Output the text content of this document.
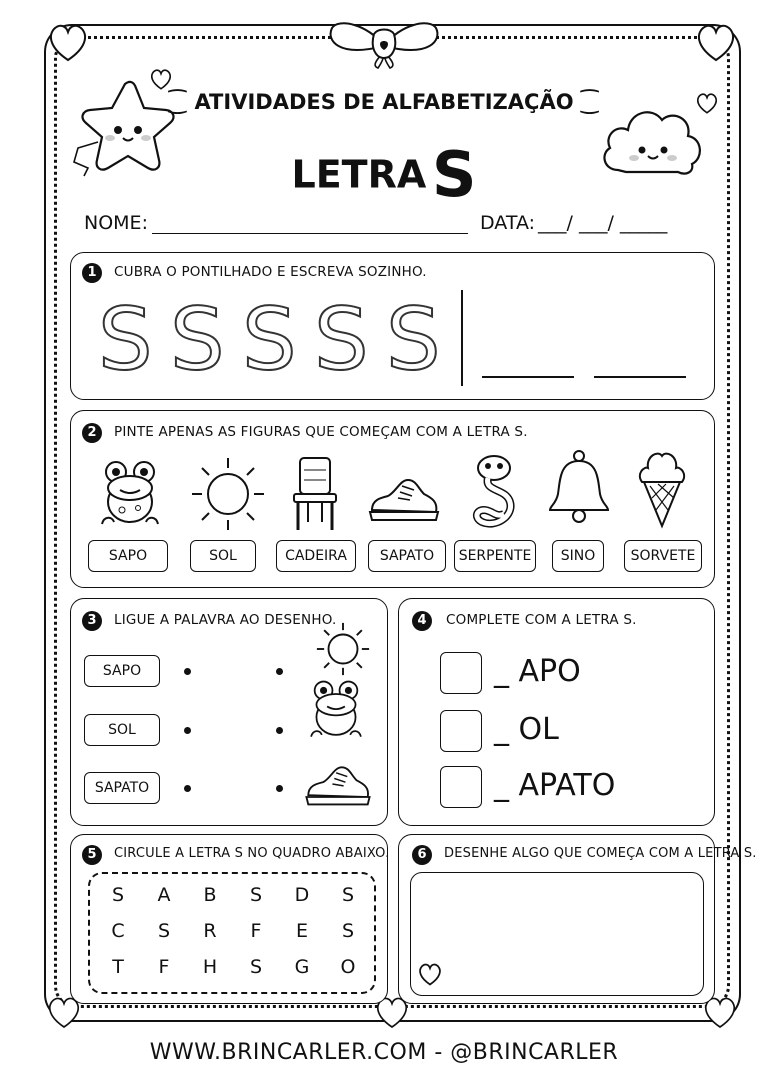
⁐ ATIVIDADES DE ALFABETIZAÇÃO ⁐
LETRA S
NOME:	DATA: ___/ ___/ _____
1	CUBRA O PONTILHADO E ESCREVA SOZINHO.
S S S S S
2	PINTE APENAS AS FIGURAS QUE COMEÇAM COM A LETRA S.
SAPO	SOL	CADEIRA	SAPATO	SERPENTE	SINO	SORVETE
3	LIGUE A PALAVRA AO DESENHO.
SAPO
SOL
SAPATO
4	COMPLETE COM A LETRA S.
_ APO
_ OL
_ APATO
5	CIRCULE A LETRA S NO QUADRO ABAIXO.
S	A	B	S	D	S
C	S	R	F	E	S
T	F	H	S	G	O
6	DESENHE ALGO QUE COMEÇA COM A LETRA S.
WWW.BRINCARLER.COM - @BRINCARLER
